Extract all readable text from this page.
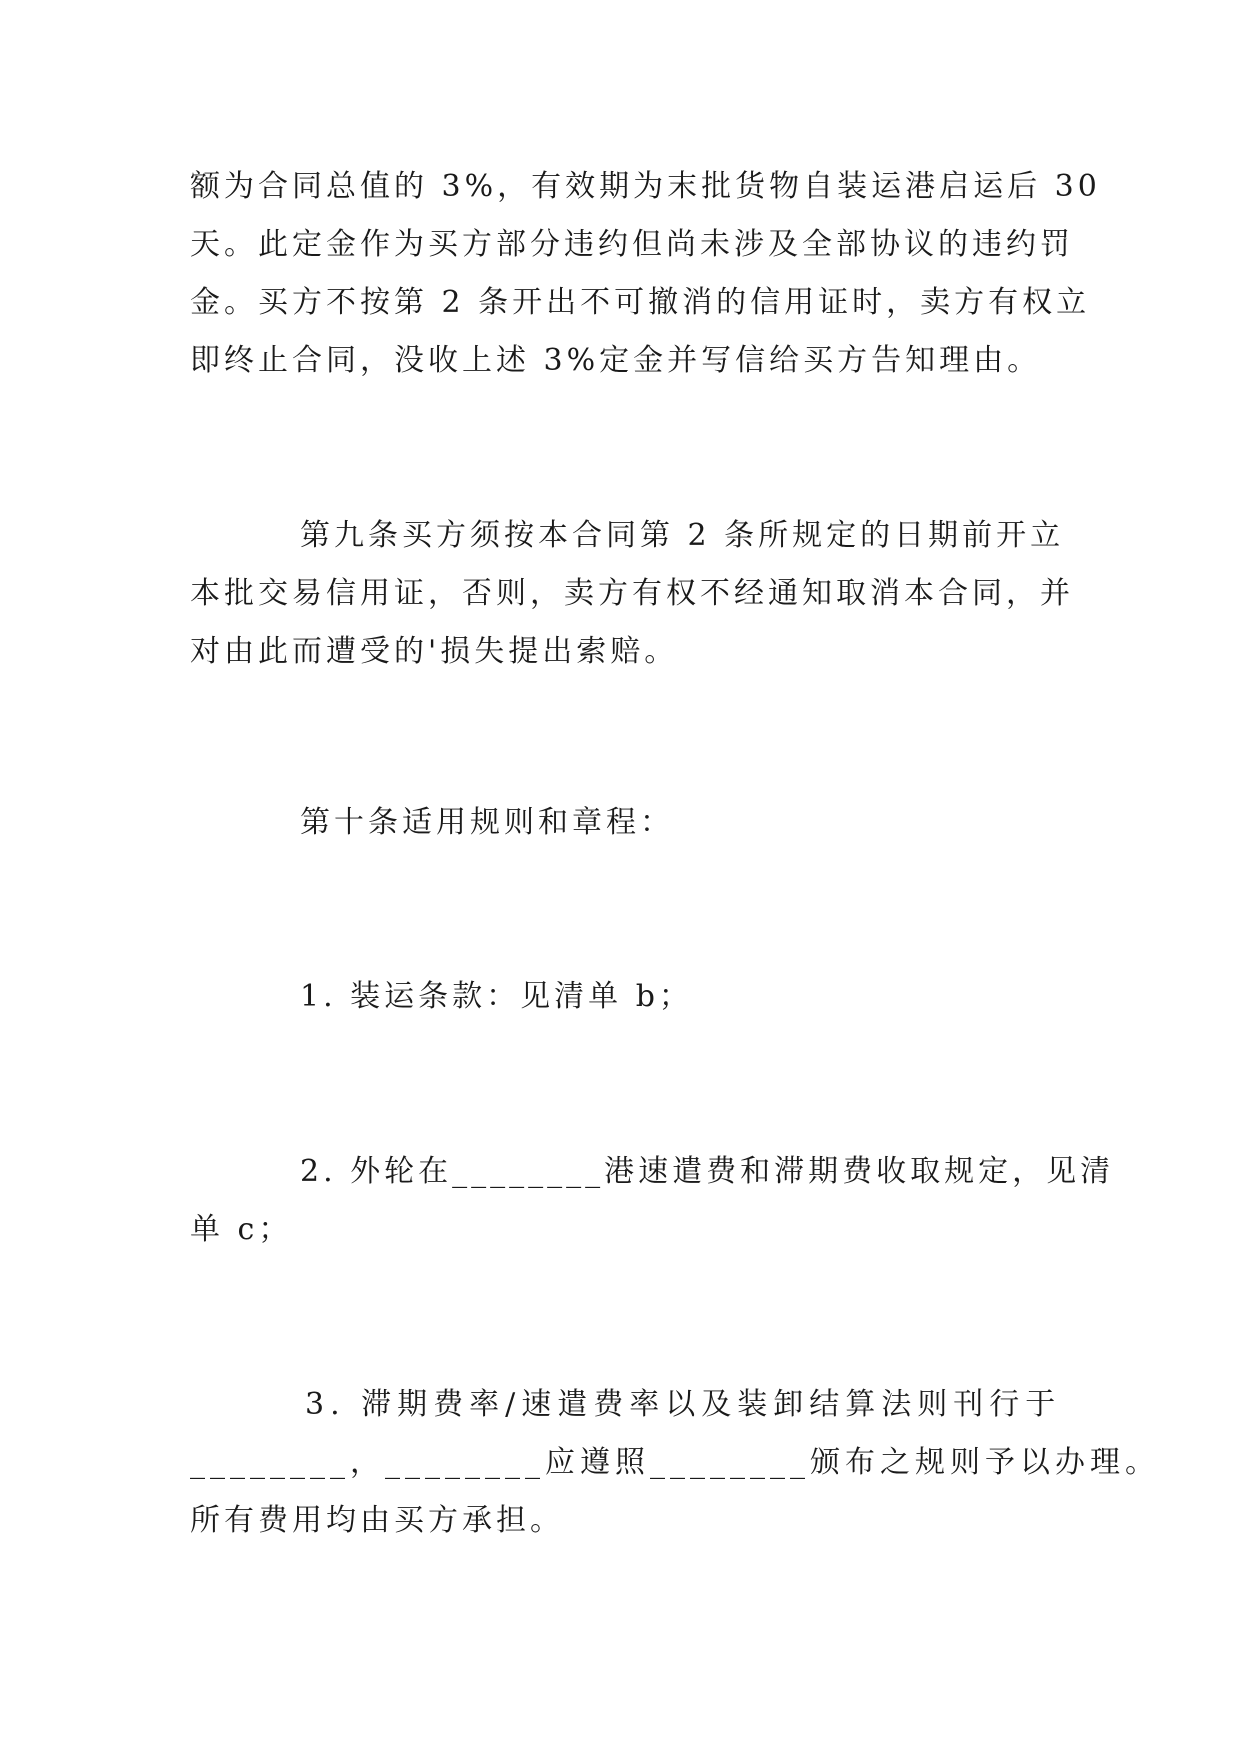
额为合同总值的 3%，有效期为末批货物自装运港启运后 30
天。此定金作为买方部分违约但尚未涉及全部协议的违约罚
金。买方不按第 2 条开出不可撤消的信用证时，卖方有权立
即终止合同，没收上述 3%定金并写信给买方告知理由。
第九条买方须按本合同第 2 条所规定的日期前开立
本批交易信用证，否则，卖方有权不经通知取消本合同，并
对由此而遭受的'损失提出索赔。
第十条适用规则和章程：
1. 装运条款：见清单 b；
2. 外轮在________港速遣费和滞期费收取规定，见清
单 c；
3. 滞期费率/速遣费率以及装卸结算法则刊行于
________，________应遵照________颁布之规则予以办理。
所有费用均由买方承担。
